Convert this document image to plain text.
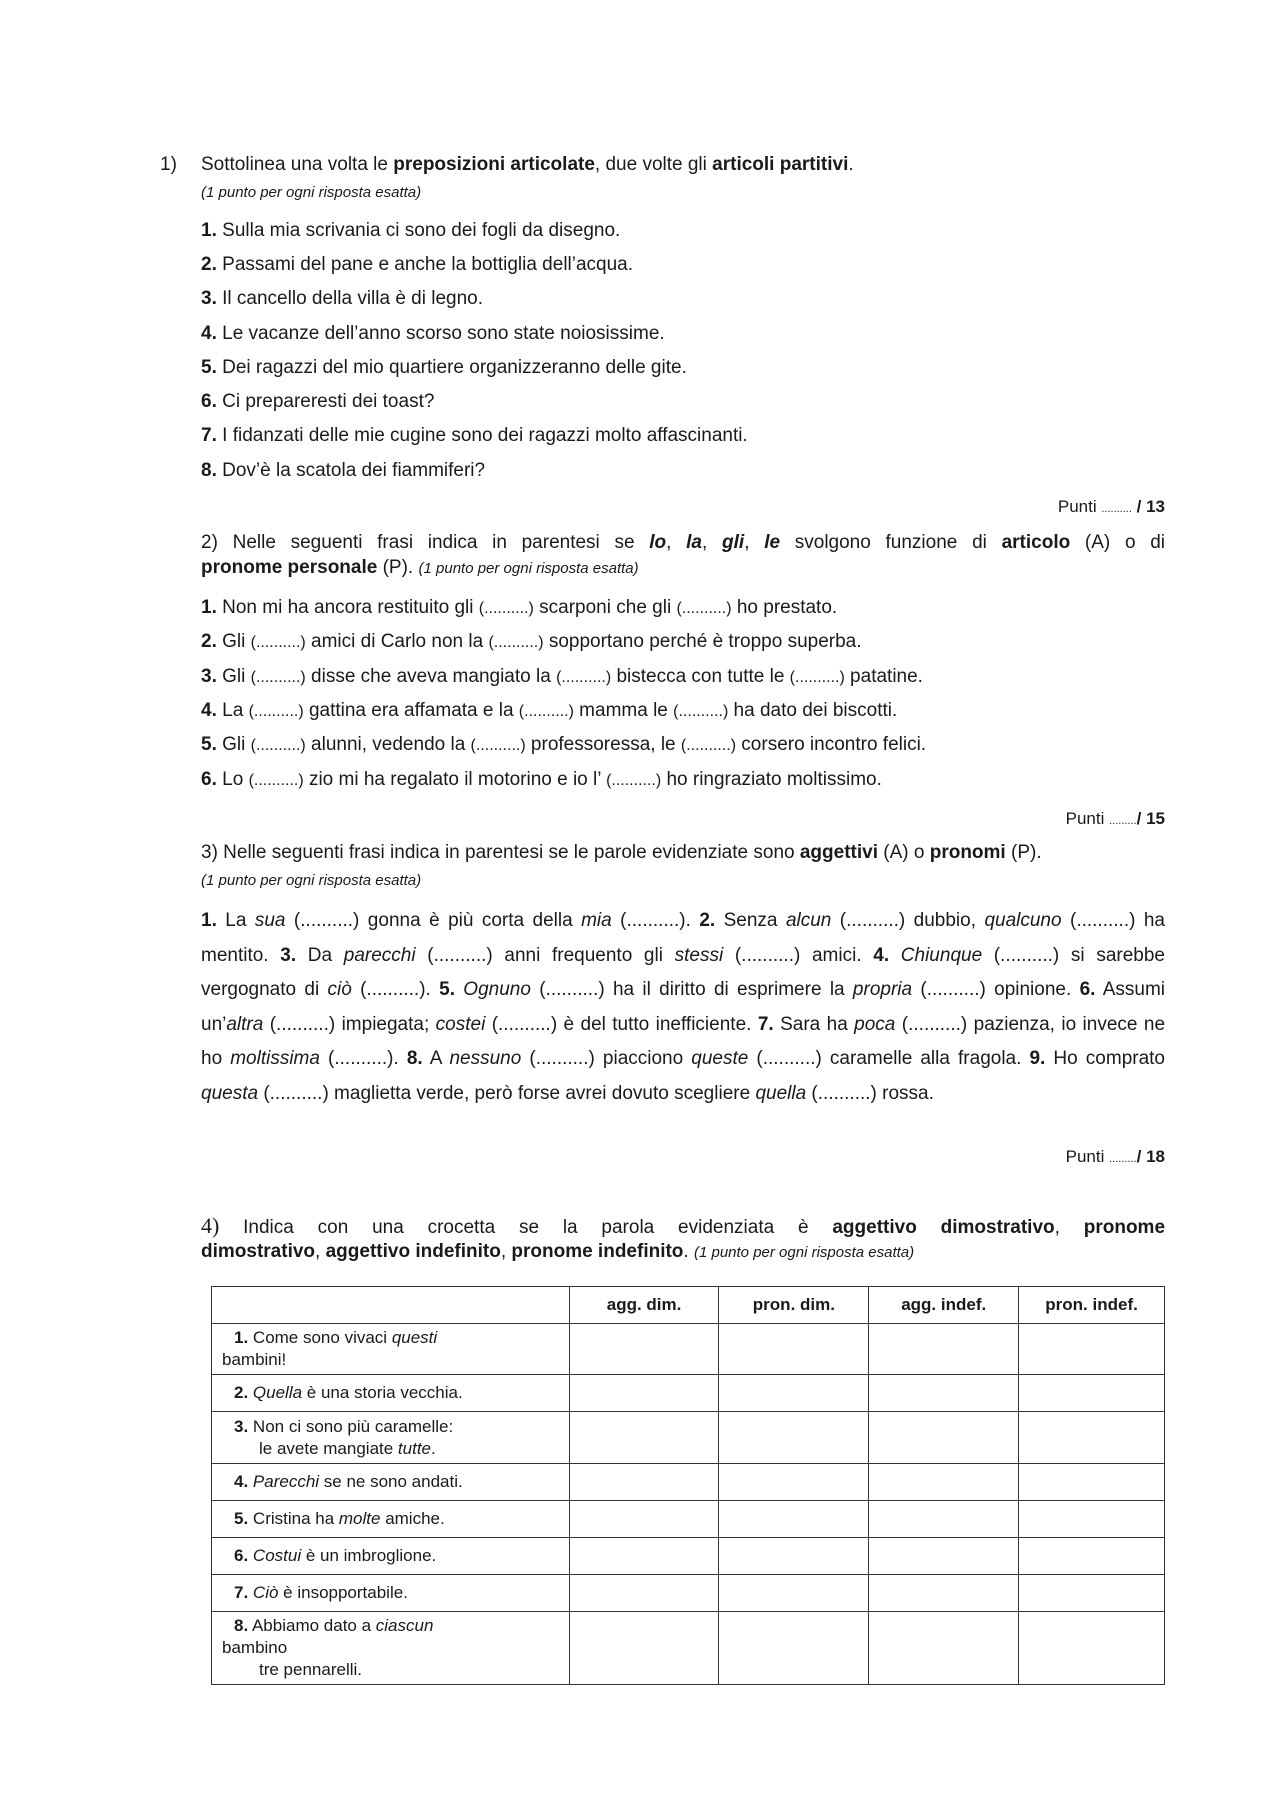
1) Sottolinea una volta le preposizioni articolate, due volte gli articoli partitivi.
(1 punto per ogni risposta esatta)
1. Sulla mia scrivania ci sono dei fogli da disegno.
2. Passami del pane e anche la bottiglia dell’acqua.
3. Il cancello della villa è di legno.
4. Le vacanze dell’anno scorso sono state noiosissime.
5. Dei ragazzi del mio quartiere organizzeranno delle gite.
6. Ci prepareresti dei toast?
7. I fidanzati delle mie cugine sono dei ragazzi molto affascinanti.
8. Dov’è la scatola dei fiammiferi?
Punti .......... / 13
2) Nelle seguenti frasi indica in parentesi se lo, la, gli, le svolgono funzione di articolo (A) o di
pronome personale (P). (1 punto per ogni risposta esatta)
1. Non mi ha ancora restituito gli (..........) scarponi che gli (..........) ho prestato.
2. Gli (..........) amici di Carlo non la (..........) sopportano perché è troppo superba.
3. Gli (..........) disse che aveva mangiato la (..........) bistecca con tutte le (..........) patatine.
4. La (..........) gattina era affamata e la (..........) mamma le (..........) ha dato dei biscotti.
5. Gli (..........) alunni, vedendo la (..........) professoressa, le (..........) corsero incontro felici.
6. Lo (..........) zio mi ha regalato il motorino e io l’ (..........) ho ringraziato moltissimo.
Punti ........./ 15
3) Nelle seguenti frasi indica in parentesi se le parole evidenziate sono aggettivi (A) o pronomi (P).
(1 punto per ogni risposta esatta)
1. La sua (..........) gonna è più corta della mia (..........). 2. Senza alcun (..........) dubbio, qualcuno (..........) ha mentito. 3. Da parecchi (..........) anni frequento gli stessi (..........) amici. 4. Chiunque (..........) si sarebbe vergognato di ciò (..........). 5. Ognuno (..........) ha il diritto di esprimere la propria (..........) opinione. 6. Assumi un’altra (..........) impiegata; costei (..........) è del tutto inefficiente. 7. Sara ha poca (..........) pazienza, io invece ne ho moltissima (..........). 8. A nessuno (..........) piacciono queste (..........) caramelle alla fragola. 9. Ho comprato questa (..........) maglietta verde, però forse avrei dovuto scegliere quella (..........) rossa.
Punti ........./ 18
4) Indica con una crocetta se la parola evidenziata è aggettivo dimostrativo, pronome
dimostrativo, aggettivo indefinito, pronome indefinito. (1 punto per ogni risposta esatta)
	agg. dim.	pron. dim.	agg. indef.	pron. indef.

1. Come sono vivaci questi
bambini!				

2. Quella è una storia vecchia.				

3. Non ci sono più caramelle:
le avete mangiate tutte.				

4. Parecchi se ne sono andati.				

5. Cristina ha molte amiche.				

6. Costui è un imbroglione.				

7. Ciò è insopportabile.				

8. Abbiamo dato a ciascun
bambino
tre pennarelli.				
